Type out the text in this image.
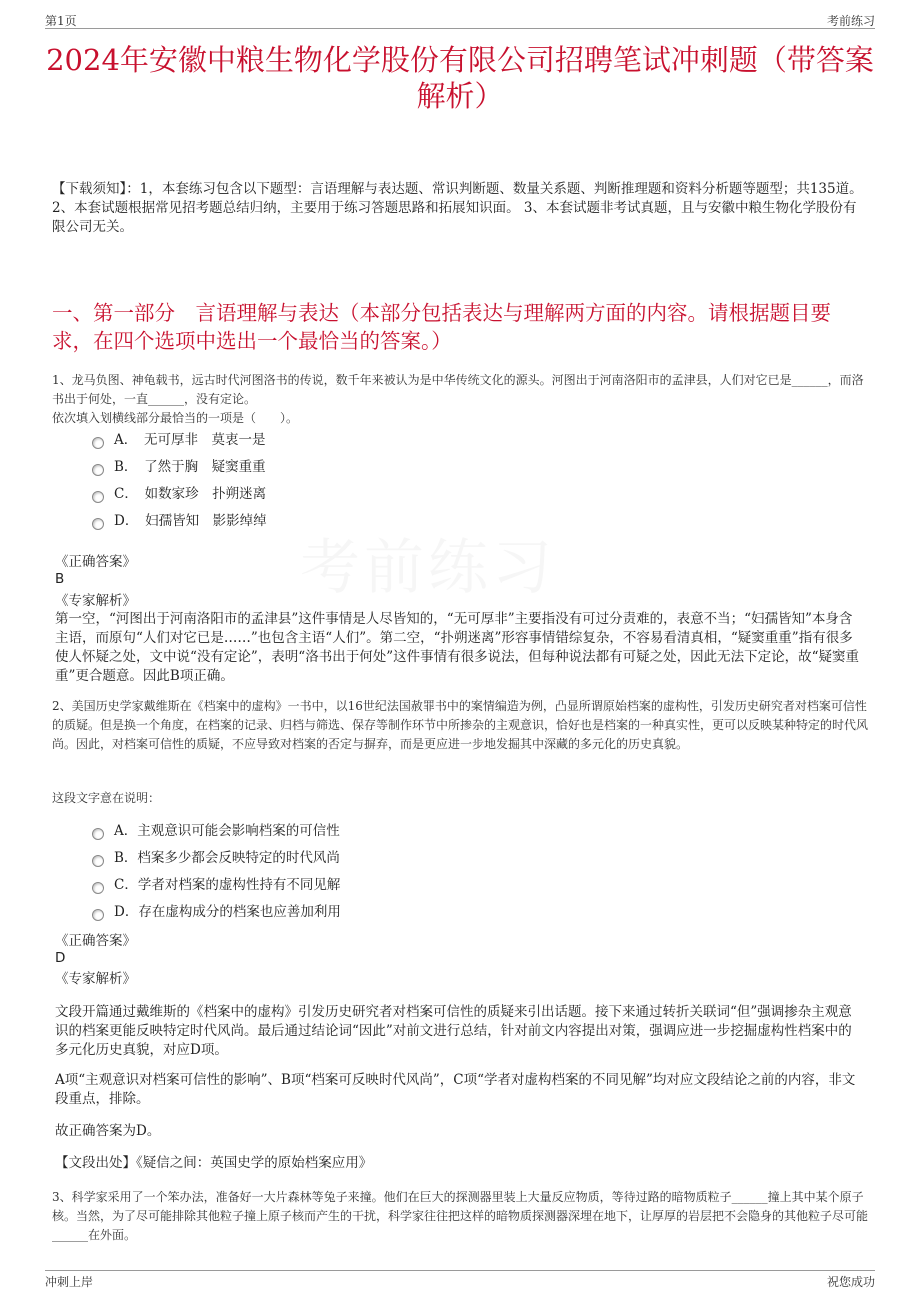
第1页	考前练习
2024年安徽中粮生物化学股份有限公司招聘笔试冲刺题（带答案解析）
【下载须知】：1，本套练习包含以下题型：言语理解与表达题、常识判断题、数量关系题、判断推理题和资料分析题等题型；共135道。 2、本套试题根据常见招考题总结归纳，主要用于练习答题思路和拓展知识面。 3、本套试题非考试真题，且与安徽中粮生物化学股份有限公司无关。
一、第一部分　言语理解与表达（本部分包括表达与理解两方面的内容。请根据题目要求，在四个选项中选出一个最恰当的答案。）
1、龙马负图、神龟载书，远古时代河图洛书的传说，数千年来被认为是中华传统文化的源头。河图出于河南洛阳市的孟津县，人们对它已是______，而洛书出于何处，一直______，没有定论。
依次填入划横线部分最恰当的一项是（　　）。
A．　无可厚非　莫衷一是
B．　了然于胸　疑窦重重
C．　如数家珍　扑朔迷离
D．　妇孺皆知　影影绰绰
《正确答案》
B
《专家解析》
第一空，“河图出于河南洛阳市的孟津县”这件事情是人尽皆知的，“无可厚非”主要指没有可过分责难的，表意不当；“妇孺皆知”本身含主语，而原句“人们对它已是……”也包含主语“人们”。第二空，“扑朔迷离”形容事情错综复杂，不容易看清真相，“疑窦重重”指有很多使人怀疑之处，文中说“没有定论”，表明“洛书出于何处”这件事情有很多说法，但每种说法都有可疑之处，因此无法下定论，故“疑窦重重”更合题意。因此B项正确。
2、美国历史学家戴维斯在《档案中的虚构》一书中，以16世纪法国赦罪书中的案情编造为例，凸显所谓原始档案的虚构性，引发历史研究者对档案可信性的质疑。但是换一个角度，在档案的记录、归档与筛选、保存等制作环节中所掺杂的主观意识，恰好也是档案的一种真实性，更可以反映某种特定的时代风尚。因此，对档案可信性的质疑，不应导致对档案的否定与摒弃，而是更应进一步地发掘其中深藏的多元化的历史真貌。
这段文字意在说明：
A．主观意识可能会影响档案的可信性
B．档案多少都会反映特定的时代风尚
C．学者对档案的虚构性持有不同见解
D．存在虚构成分的档案也应善加利用
《正确答案》
D
《专家解析》
文段开篇通过戴维斯的《档案中的虚构》引发历史研究者对档案可信性的质疑来引出话题。接下来通过转折关联词“但”强调掺杂主观意识的档案更能反映特定时代风尚。最后通过结论词“因此”对前文进行总结，针对前文内容提出对策，强调应进一步挖掘虚构性档案中的多元化历史真貌，对应D项。
A项“主观意识对档案可信性的影响”、B项“档案可反映时代风尚”，C项“学者对虚构档案的不同见解”均对应文段结论之前的内容，非文段重点，排除。
故正确答案为D。
【文段出处】《疑信之间：英国史学的原始档案应用》
3、科学家采用了一个笨办法，准备好一大片森林等兔子来撞。他们在巨大的探测器里装上大量反应物质，等待过路的暗物质粒子______撞上其中某个原子核。当然，为了尽可能排除其他粒子撞上原子核而产生的干扰，科学家往往把这样的暗物质探测器深埋在地下，让厚厚的岩层把不会隐身的其他粒子尽可能______在外面。
冲刺上岸	祝您成功
